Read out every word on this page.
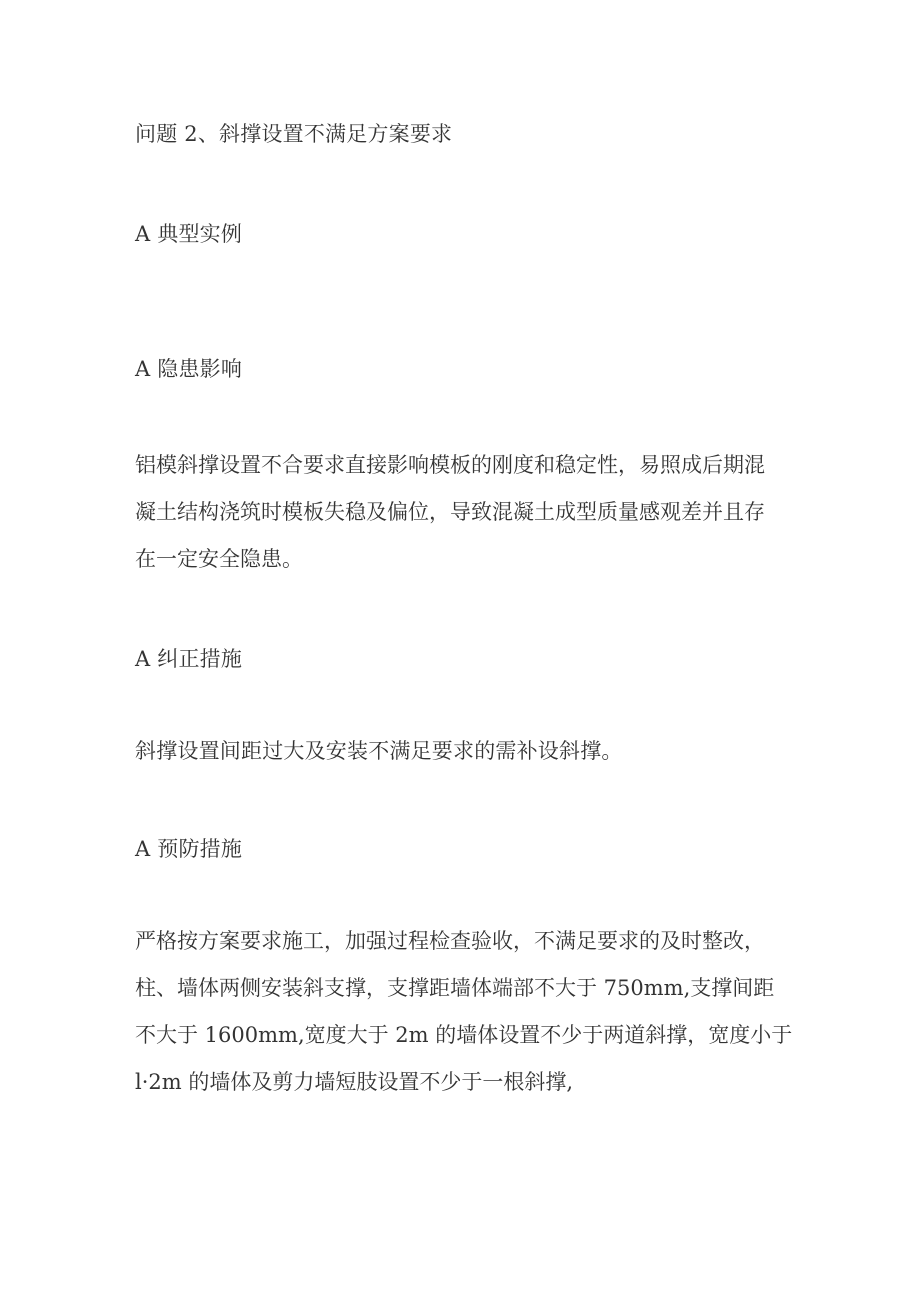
问题 2、斜撑设置不满足方案要求
A 典型实例
A 隐患影响
铝模斜撑设置不合要求直接影响模板的刚度和稳定性，易照成后期混
凝土结构浇筑时模板失稳及偏位，导致混凝土成型质量感观差并且存
在一定安全隐患。
A 纠正措施
斜撑设置间距过大及安装不满足要求的需补设斜撑。
A 预防措施
严格按方案要求施工，加强过程检查验收，不满足要求的及时整改，
柱、墙体两侧安装斜支撑，支撑距墙体端部不大于 750mm,支撑间距
不大于 1600mm,宽度大于 2m 的墙体设置不少于两道斜撑，宽度小于
l·2m 的墙体及剪力墙短肢设置不少于一根斜撑,
